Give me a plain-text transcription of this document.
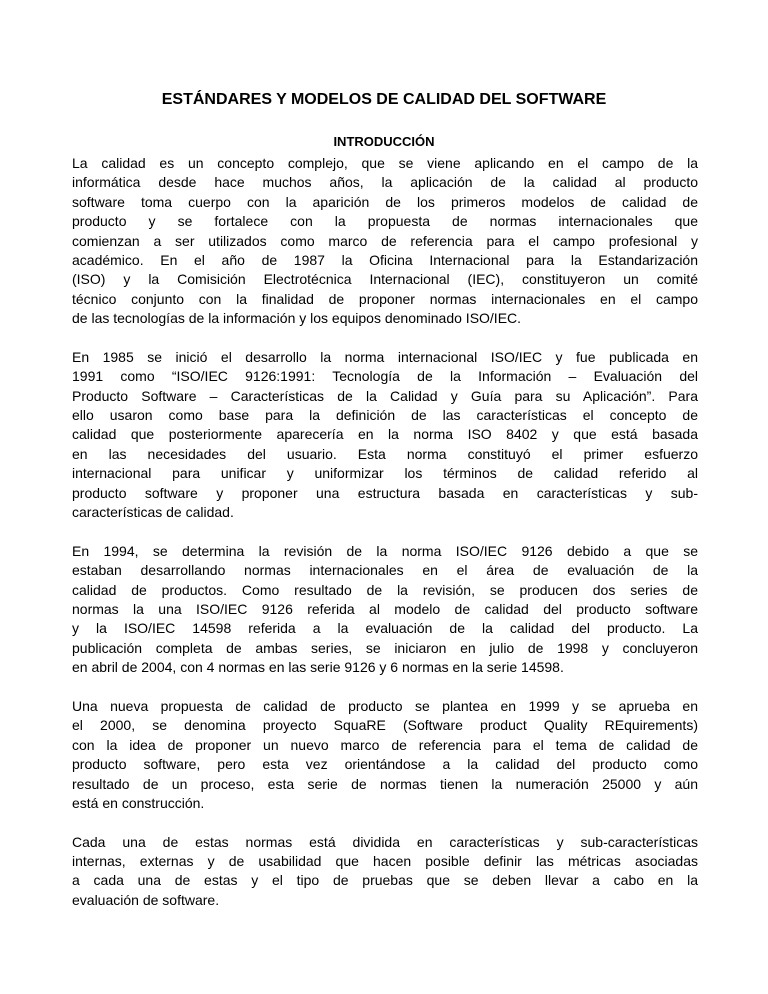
ESTÁNDARES Y MODELOS DE CALIDAD DEL SOFTWARE
INTRODUCCIÓN
La calidad es un concepto complejo, que se viene aplicando en el campo de la
informática desde hace muchos años, la aplicación de la calidad al producto
software toma cuerpo con la aparición de los primeros modelos de calidad de
producto y se fortalece con la propuesta de normas internacionales que
comienzan a ser utilizados como marco de referencia para el campo profesional y
académico. En el año de 1987 la Oficina Internacional para la Estandarización
(ISO) y la Comisición Electrotécnica Internacional (IEC), constituyeron un comité
técnico conjunto con la finalidad de proponer normas internacionales en el campo
de las tecnologías de la información y los equipos denominado ISO/IEC.
En 1985 se inició el desarrollo la norma internacional ISO/IEC y fue publicada en
1991 como “ISO/IEC 9126:1991: Tecnología de la Información – Evaluación del
Producto Software – Características de la Calidad y Guía para su Aplicación”. Para
ello usaron como base para la definición de las características el concepto de
calidad que posteriormente aparecería en la norma ISO 8402 y que está basada
en las necesidades del usuario. Esta norma constituyó el primer esfuerzo
internacional para unificar y uniformizar los términos de calidad referido al
producto software y proponer una estructura basada en características y sub-
características de calidad.
En 1994, se determina la revisión de la norma ISO/IEC 9126 debido a que se
estaban desarrollando normas internacionales en el área de evaluación de la
calidad de productos. Como resultado de la revisión, se producen dos series de
normas la una ISO/IEC 9126 referida al modelo de calidad del producto software
y la ISO/IEC 14598 referida a la evaluación de la calidad del producto. La
publicación completa de ambas series, se iniciaron en julio de 1998 y concluyeron
en abril de 2004, con 4 normas en las serie 9126 y 6 normas en la serie 14598.
Una nueva propuesta de calidad de producto se plantea en 1999 y se aprueba en
el 2000, se denomina proyecto SquaRE (Software product Quality REquirements)
con la idea de proponer un nuevo marco de referencia para el tema de calidad de
producto software, pero esta vez orientándose a la calidad del producto como
resultado de un proceso, esta serie de normas tienen la numeración 25000 y aún
está en construcción.
Cada una de estas normas está dividida en características y sub-características
internas, externas y de usabilidad que hacen posible definir las métricas asociadas
a cada una de estas y el tipo de pruebas que se deben llevar a cabo en la
evaluación de software.
